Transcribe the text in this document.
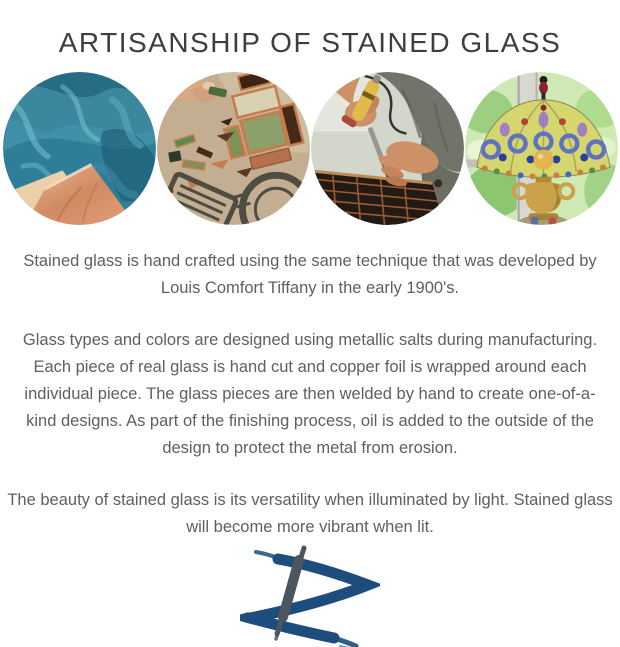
ARTISANSHIP OF STAINED GLASS
Stained glass is hand crafted using the same technique that was developed by
Louis Comfort Tiffany in the early 1900's.
Glass types and colors are designed using metallic salts during manufacturing.
Each piece of real glass is hand cut and copper foil is wrapped around each
individual piece. The glass pieces are then welded by hand to create one-of-a-
kind designs. As part of the finishing process, oil is added to the outside of the
design to protect the metal from erosion.
The beauty of stained glass is its versatility when illuminated by light. Stained glass
will become more vibrant when lit.
